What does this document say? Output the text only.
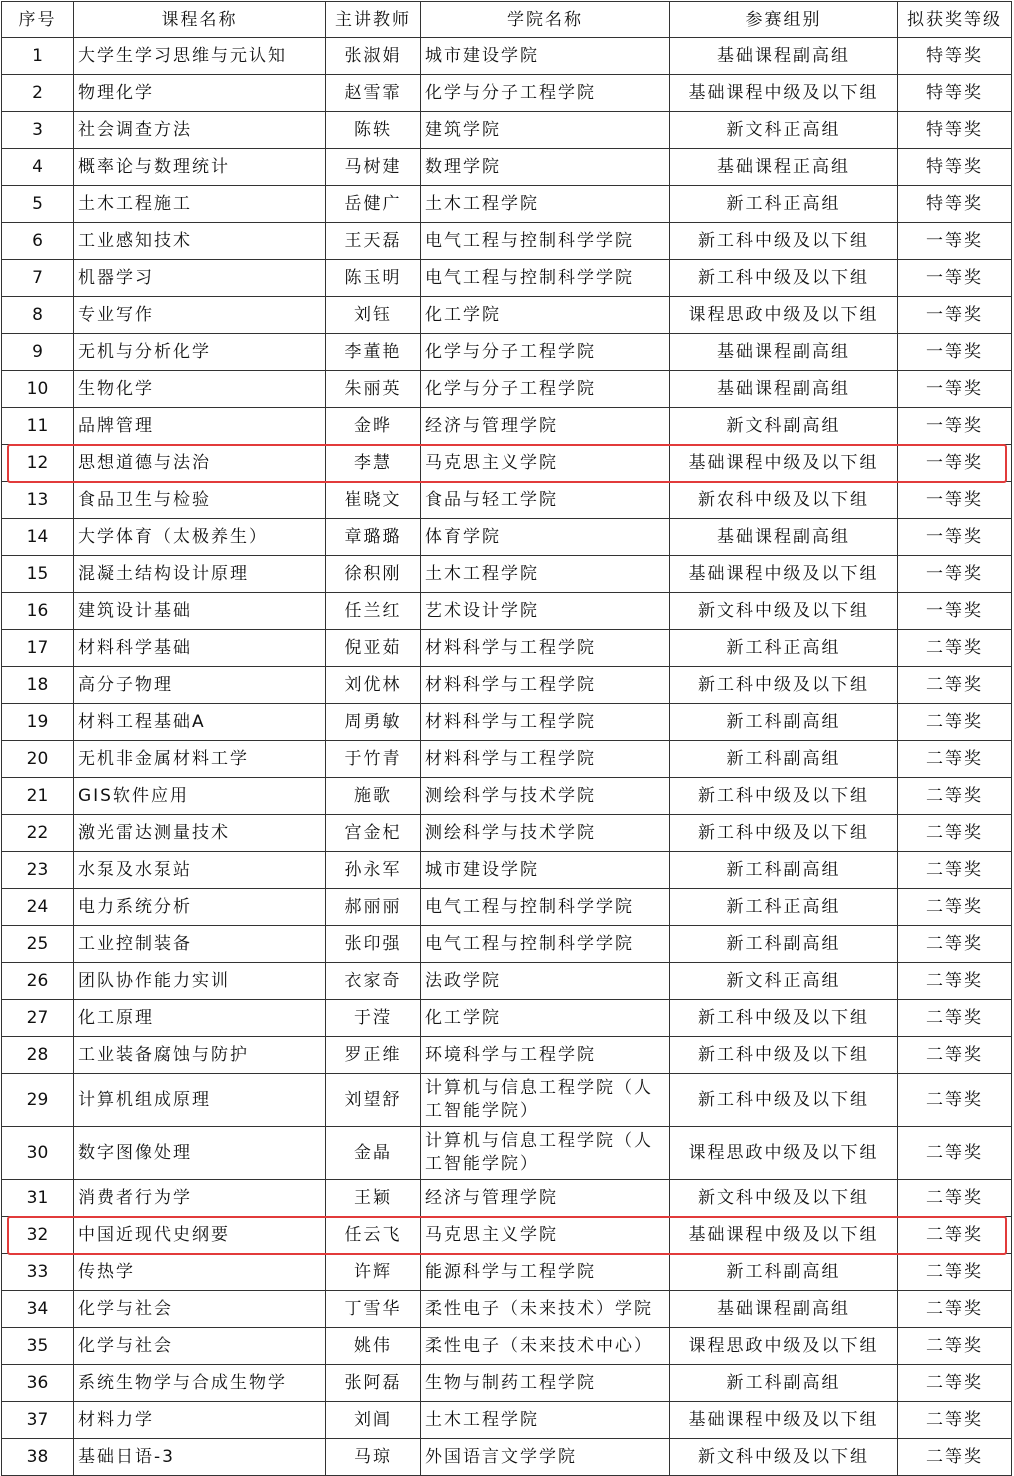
序号	课程名称	主讲教师	学院名称	参赛组别	拟获奖等级
1	大学生学习思维与元认知	张淑娟	城市建设学院	基础课程副高组	特等奖
2	物理化学	赵雪霏	化学与分子工程学院	基础课程中级及以下组	特等奖
3	社会调查方法	陈轶	建筑学院	新文科正高组	特等奖
4	概率论与数理统计	马树建	数理学院	基础课程正高组	特等奖
5	土木工程施工	岳健广	土木工程学院	新工科正高组	特等奖
6	工业感知技术	王天磊	电气工程与控制科学学院	新工科中级及以下组	一等奖
7	机器学习	陈玉明	电气工程与控制科学学院	新工科中级及以下组	一等奖
8	专业写作	刘钰	化工学院	课程思政中级及以下组	一等奖
9	无机与分析化学	李董艳	化学与分子工程学院	基础课程副高组	一等奖
10	生物化学	朱丽英	化学与分子工程学院	基础课程副高组	一等奖
11	品牌管理	金晔	经济与管理学院	新文科副高组	一等奖
12	思想道德与法治	李慧	马克思主义学院	基础课程中级及以下组	一等奖
13	食品卫生与检验	崔晓文	食品与轻工学院	新农科中级及以下组	一等奖
14	大学体育（太极养生）	章璐璐	体育学院	基础课程副高组	一等奖
15	混凝土结构设计原理	徐积刚	土木工程学院	基础课程中级及以下组	一等奖
16	建筑设计基础	任兰红	艺术设计学院	新文科中级及以下组	一等奖
17	材料科学基础	倪亚茹	材料科学与工程学院	新工科正高组	二等奖
18	高分子物理	刘优林	材料科学与工程学院	新工科中级及以下组	二等奖
19	材料工程基础A	周勇敏	材料科学与工程学院	新工科副高组	二等奖
20	无机非金属材料工学	于竹青	材料科学与工程学院	新工科副高组	二等奖
21	GIS软件应用	施歌	测绘科学与技术学院	新工科中级及以下组	二等奖
22	激光雷达测量技术	宫金杞	测绘科学与技术学院	新工科中级及以下组	二等奖
23	水泵及水泵站	孙永军	城市建设学院	新工科副高组	二等奖
24	电力系统分析	郝丽丽	电气工程与控制科学学院	新工科正高组	二等奖
25	工业控制装备	张印强	电气工程与控制科学学院	新工科副高组	二等奖
26	团队协作能力实训	衣家奇	法政学院	新文科正高组	二等奖
27	化工原理	于滢	化工学院	新工科中级及以下组	二等奖
28	工业装备腐蚀与防护	罗正维	环境科学与工程学院	新工科中级及以下组	二等奖
29	计算机组成原理	刘望舒	计算机与信息工程学院（人工智能学院）	新工科中级及以下组	二等奖
30	数字图像处理	金晶	计算机与信息工程学院（人工智能学院）	课程思政中级及以下组	二等奖
31	消费者行为学	王颖	经济与管理学院	新文科中级及以下组	二等奖
32	中国近现代史纲要	任云飞	马克思主义学院	基础课程中级及以下组	二等奖
33	传热学	许辉	能源科学与工程学院	新工科副高组	二等奖
34	化学与社会	丁雪华	柔性电子（未来技术）学院	基础课程副高组	二等奖
35	化学与社会	姚伟	柔性电子（未来技术中心）	课程思政中级及以下组	二等奖
36	系统生物学与合成生物学	张阿磊	生物与制药工程学院	新工科副高组	二等奖
37	材料力学	刘阊	土木工程学院	基础课程中级及以下组	二等奖
38	基础日语-3	马琼	外国语言文学学院	新文科中级及以下组	二等奖
